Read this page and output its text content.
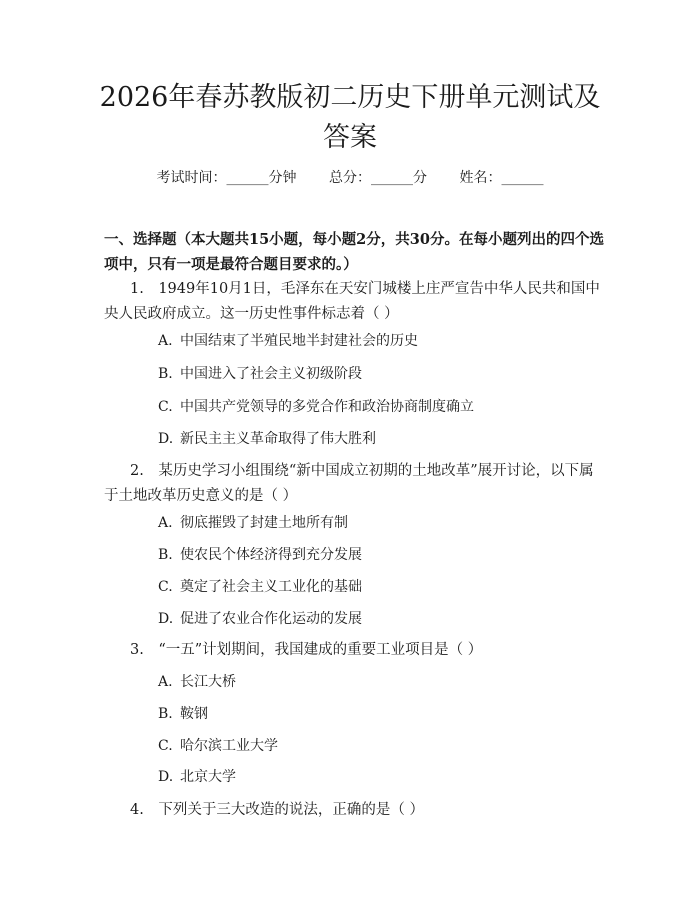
2026年春苏教版初二历史下册单元测试及答案
考试时间：______分钟 总分：______分 姓名：______

一、选择题（本大题共15小题，每小题2分，共30分。在每小题列出的四个选项中，只有一项是最符合题目要求的。）

1.　1949年10月1日，毛泽东在天安门城楼上庄严宣告中华人民共和国中央人民政府成立。这一历史性事件标志着（ ）

A. 中国结束了半殖民地半封建社会的历史

B. 中国进入了社会主义初级阶段

C. 中国共产党领导的多党合作和政治协商制度确立

D. 新民主主义革命取得了伟大胜利

2.　某历史学习小组围绕“新中国成立初期的土地改革”展开讨论，以下属于土地改革历史意义的是（ ）

A. 彻底摧毁了封建土地所有制

B. 使农民个体经济得到充分发展

C. 奠定了社会主义工业化的基础

D. 促进了农业合作化运动的发展

3.　“一五”计划期间，我国建成的重要工业项目是（ ）

A. 长江大桥

B. 鞍钢

C. 哈尔滨工业大学

D. 北京大学

4.　下列关于三大改造的说法，正确的是（ ）
